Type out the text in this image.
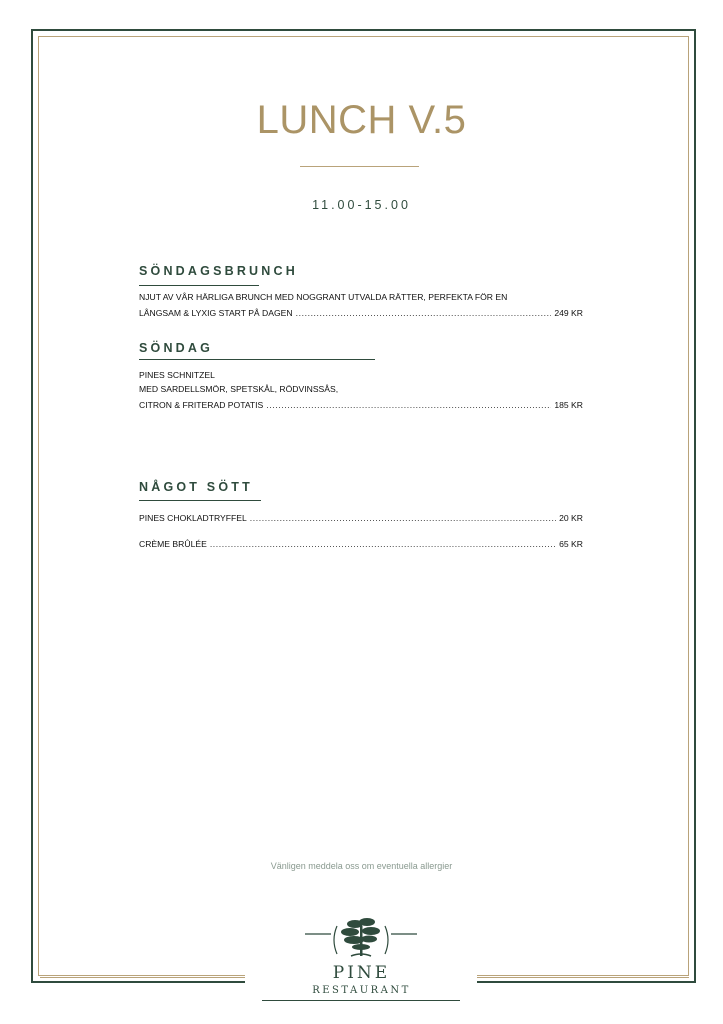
LUNCH V.5
11.00-15.00
SÖNDAGSBRUNCH
NJUT AV VÅR HÄRLIGA BRUNCH MED NOGGRANT UTVALDA RÄTTER, PERFEKTA FÖR EN
LÅNGSAM & LYXIG START PÅ DAGEN .....	249 KR
SÖNDAG
PINES SCHNITZEL
MED SARDELLSMÖR, SPETSKÅL, RÖDVINSSÅS,
CITRON & FRITERAD POTATIS .....	185 KR
NÅGOT SÖTT
PINES CHOKLADTRYFFEL .....	20 KR
CRÈME BRÛLÉE .....	65 KR
Vänligen meddela oss om eventuella allergier
PINE
RESTAURANT
